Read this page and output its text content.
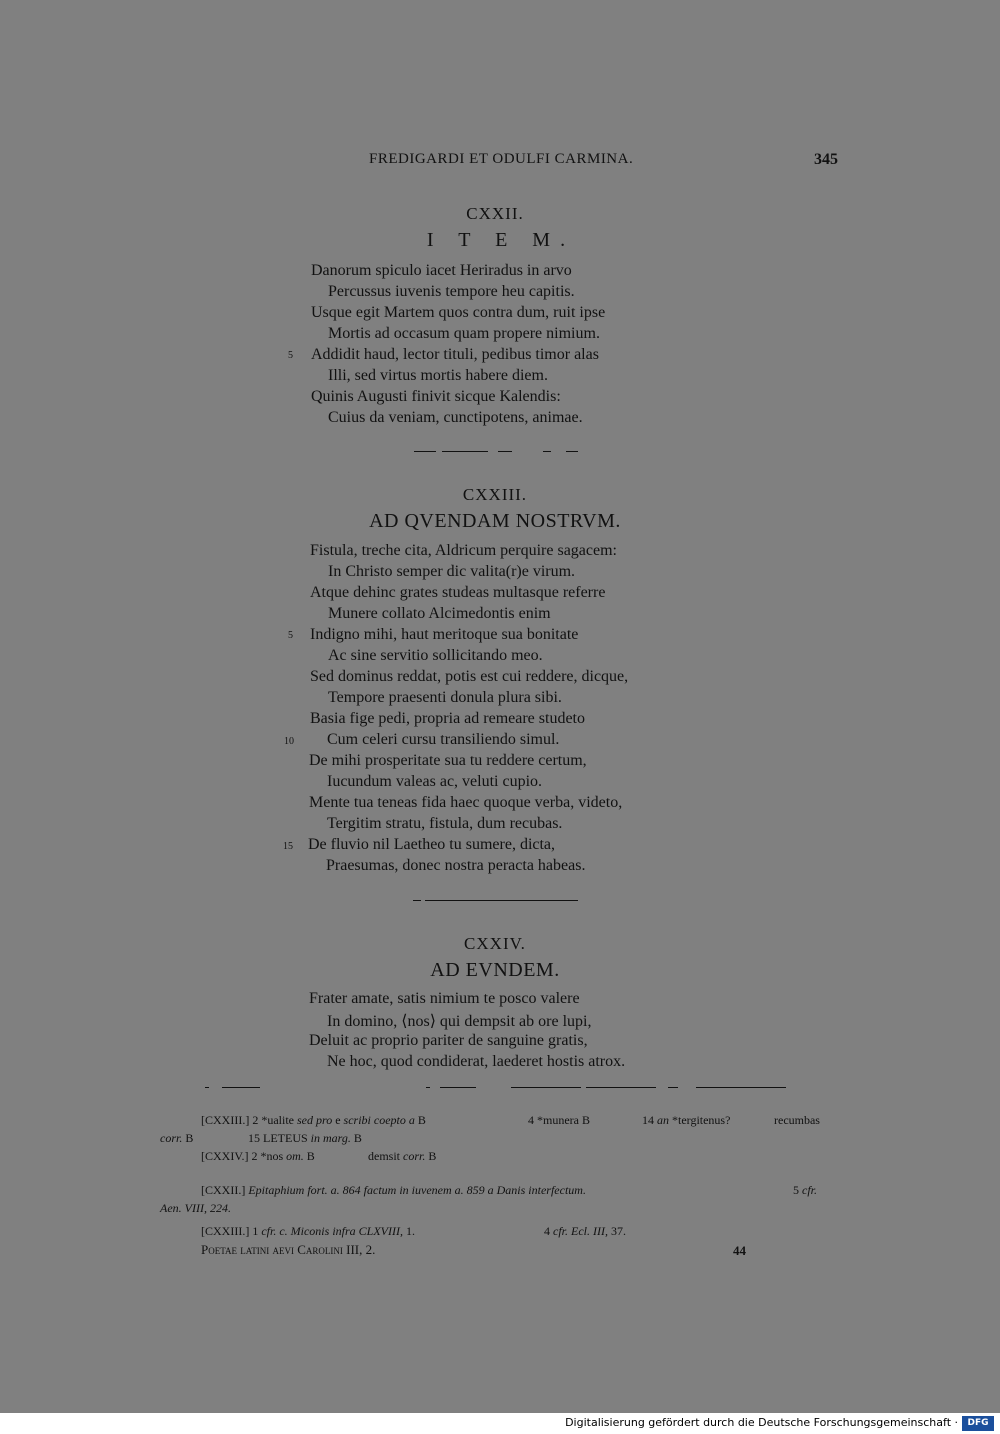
FREDIGARDI ET ODULFI CARMINA.	345
CXXII.
I T E M.
Danorum spiculo iacet Heriradus in arvo
Percussus iuvenis tempore heu capitis.
Usque egit Martem quos contra dum, ruit ipse
Mortis ad occasum quam propere nimium.
5 Addidit haud, lector tituli, pedibus timor alas
Illi, sed virtus mortis habere diem.
Quinis Augusti finivit sicque Kalendis:
Cuius da veniam, cunctipotens, animae.
CXXIII.
AD QVENDAM NOSTRVM.
Fistula, treche cita, Aldricum perquire sagacem:
In Christo semper dic valita(r)e virum.
Atque dehinc grates studeas multasque referre
Munere collato Alcimedontis enim
5 Indigno mihi, haut meritoque sua bonitate
Ac sine servitio sollicitando meo.
Sed dominus reddat, potis est cui reddere, dicque,
Tempore praesenti donula plura sibi.
Basia fige pedi, propria ad remeare studeto
10 Cum celeri cursu transiliendo simul.
De mihi prosperitate sua tu reddere certum,
Iucundum valeas ac, veluti cupio.
Mente tua teneas fida haec quoque verba, videto,
Tergitim stratu, fistula, dum recubas.
15 De fluvio nil Laetheo tu sumere, dicta,
Praesumas, donec nostra peracta habeas.
CXXIV.
AD EVNDEM.
Frater amate, satis nimium te posco valere
In domino, ⟨nos⟩ qui dempsit ab ore lupi,
Deluit ac proprio pariter de sanguine gratis,
Ne hoc, quod condiderat, laederet hostis atrox.
[CXXIII.] 2 *ualite sed pro e scribi coepto a B	4 *munera B	14 an *tergitenus?	recumbas
corr. B	15 LETEUS in marg. B
[CXXIV.] 2 *nos om. B	demsit corr. B
[CXXII.] Epitaphium fort. a. 864 factum in iuvenem a. 859 a Danis interfectum.	5 cfr.
Aen. VIII, 224.
[CXXIII.] 1 cfr. c. Miconis infra CLXVIII, 1.	4 cfr. Ecl. III, 37.
Poetae latini aevi Carolini III, 2.	44
Digitalisierung gefördert durch die Deutsche Forschungsgemeinschaft ·	DFG
